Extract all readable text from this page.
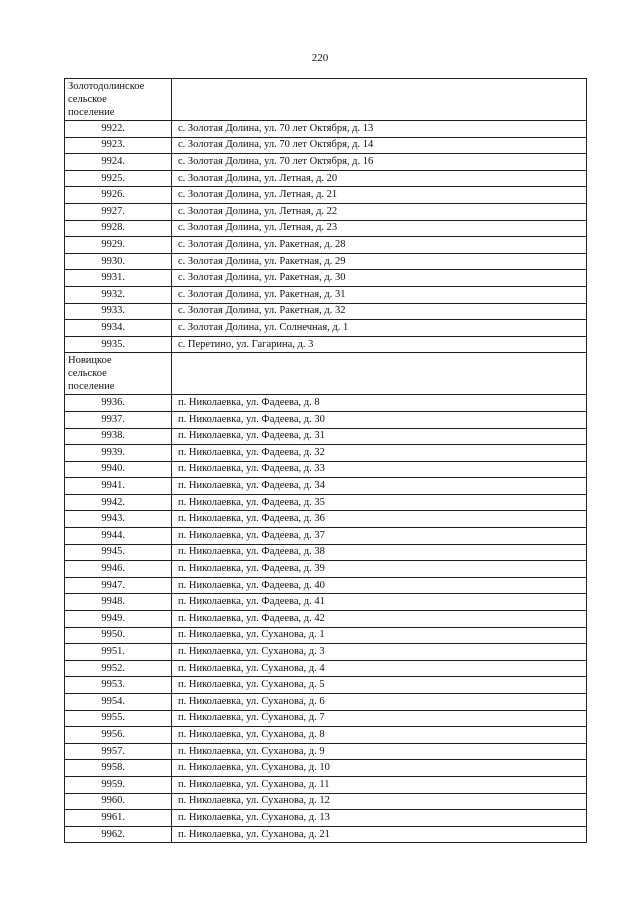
220
Золотодолинское
сельское
поселение	

9922.	с. Золотая Долина, ул. 70 лет Октября, д. 13
9923.	с. Золотая Долина, ул. 70 лет Октября, д. 14
9924.	с. Золотая Долина, ул. 70 лет Октября, д. 16
9925.	с. Золотая Долина, ул. Летная, д. 20
9926.	с. Золотая Долина, ул. Летная, д. 21
9927.	с. Золотая Долина, ул. Летная, д. 22
9928.	с. Золотая Долина, ул. Летная, д. 23
9929.	с. Золотая Долина, ул. Ракетная, д. 28
9930.	с. Золотая Долина, ул. Ракетная, д. 29
9931.	с. Золотая Долина, ул. Ракетная, д. 30
9932.	с. Золотая Долина, ул. Ракетная, д. 31
9933.	с. Золотая Долина, ул. Ракетная, д. 32
9934.	с. Золотая Долина, ул. Солнечная, д. 1
9935.	с. Перетино, ул. Гагарина, д. 3

Новицкое
сельское
поселение	

9936.	п. Николаевка, ул. Фадеева, д. 8
9937.	п. Николаевка, ул. Фадеева, д. 30
9938.	п. Николаевка, ул. Фадеева, д. 31
9939.	п. Николаевка, ул. Фадеева, д. 32
9940.	п. Николаевка, ул. Фадеева, д. 33
9941.	п. Николаевка, ул. Фадеева, д. 34
9942.	п. Николаевка, ул. Фадеева, д. 35
9943.	п. Николаевка, ул. Фадеева, д. 36
9944.	п. Николаевка, ул. Фадеева, д. 37
9945.	п. Николаевка, ул. Фадеева, д. 38
9946.	п. Николаевка, ул. Фадеева, д. 39
9947.	п. Николаевка, ул. Фадеева, д. 40
9948.	п. Николаевка, ул. Фадеева, д. 41
9949.	п. Николаевка, ул. Фадеева, д. 42
9950.	п. Николаевка, ул. Суханова, д. 1
9951.	п. Николаевка, ул. Суханова, д. 3
9952.	п. Николаевка, ул. Суханова, д. 4
9953.	п. Николаевка, ул. Суханова, д. 5
9954.	п. Николаевка, ул. Суханова, д. 6
9955.	п. Николаевка, ул. Суханова, д. 7
9956.	п. Николаевка, ул. Суханова, д. 8
9957.	п. Николаевка, ул. Суханова, д. 9
9958.	п. Николаевка, ул. Суханова, д. 10
9959.	п. Николаевка, ул. Суханова, д. 11
9960.	п. Николаевка, ул. Суханова, д. 12
9961.	п. Николаевка, ул. Суханова, д. 13
9962.	п. Николаевка, ул. Суханова, д. 21
